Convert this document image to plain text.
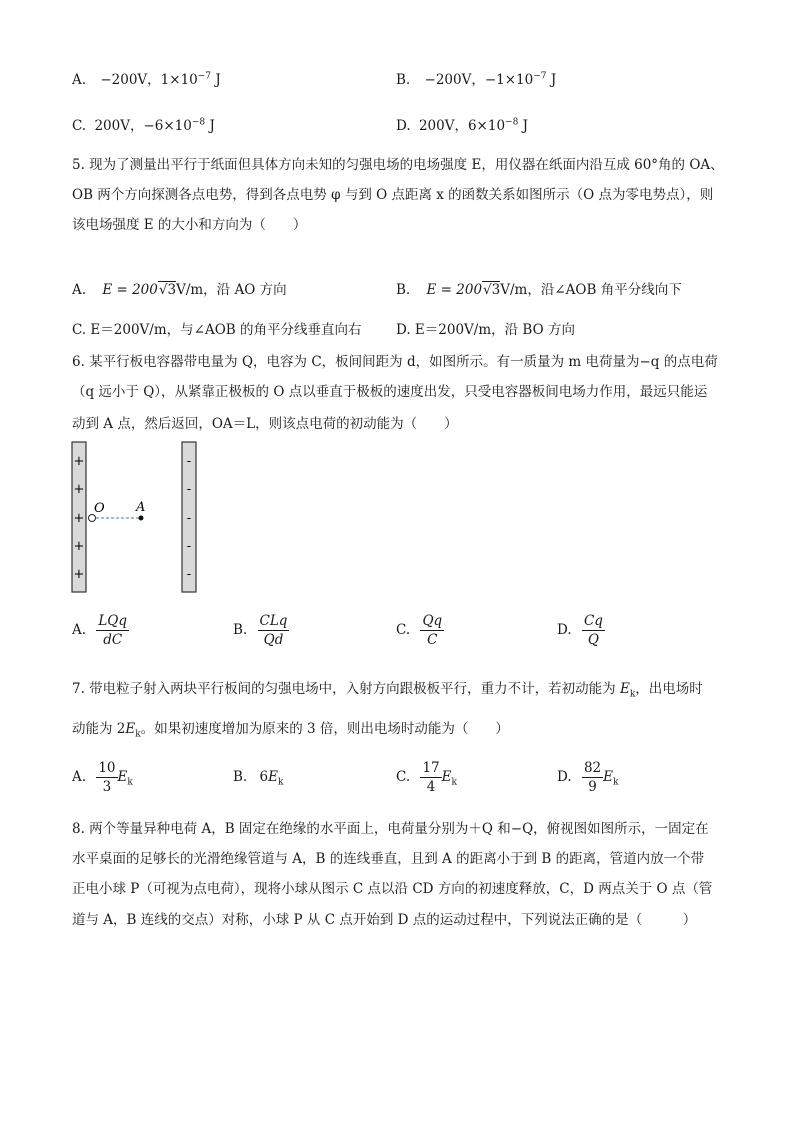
A. −200V，$1\times 10^{-7}$ J	B. −200V，$-1\times 10^{-7}$ J
C. 200V，$-6\times 10^{-8}$ J	D. 200V，$6\times 10^{-8}$ J
5. 现为了测量出平行于纸面但具体方向未知的匀强电场的电场强度 E，用仪器在纸面内沿互成 60°角的 OA、
OB 两个方向探测各点电势，得到各点电势 φ 与到 O 点距离 x 的函数关系如图所示（O 点为零电势点），则
该电场强度 E 的大小和方向为（　　）
A. E = 200√3V/m，沿 AO 方向	B. E = 200√3V/m，沿∠AOB 角平分线向下
C. E＝200V/m，与∠AOB 的角平分线垂直向右	D. E＝200V/m，沿 BO 方向
6. 某平行板电容器带电量为 Q，电容为 C，板间间距为 d，如图所示。有一质量为 m 电荷量为−q 的点电荷
（q 远小于 Q），从紧靠正极板的 O 点以垂直于极板的速度出发，只受电容器板间电场力作用，最远只能运
动到 A 点，然后返回，OA＝L，则该点电荷的初动能为（　　）
+
+
+
+
+
-
-
-
-
-
O A
A. $\frac{\text{LQq}}{dC}$	B. $\frac{\text{CLq}}{Qd}$	C. $\frac{Qq}{C}$	D. $\frac{Cq}{Q}$
7. 带电粒子射入两块平行板间的匀强电场中，入射方向跟极板平行，重力不计，若初动能为 $E_k$，出电场时
动能为 $2E_k$。如果初速度增加为原来的 3 倍，则出电场时动能为（　　）
A. $\frac{10}{3} E_k$	B. $6E_k$	C. $\frac{17}{4} E_k$	D. $\frac{82}{9} E_k$
8. 两个等量异种电荷 A，B 固定在绝缘的水平面上，电荷量分别为＋Q 和−Q，俯视图如图所示，一固定在
水平桌面的足够长的光滑绝缘管道与 A，B 的连线垂直，且到 A 的距离小于到 B 的距离，管道内放一个带
正电小球 P（可视为点电荷），现将小球从图示 C 点以沿 CD 方向的初速度释放，C，D 两点关于 O 点（管
道与 A，B 连线的交点）对称，小球 P 从 C 点开始到 D 点的运动过程中，下列说法正确的是（　　　）
